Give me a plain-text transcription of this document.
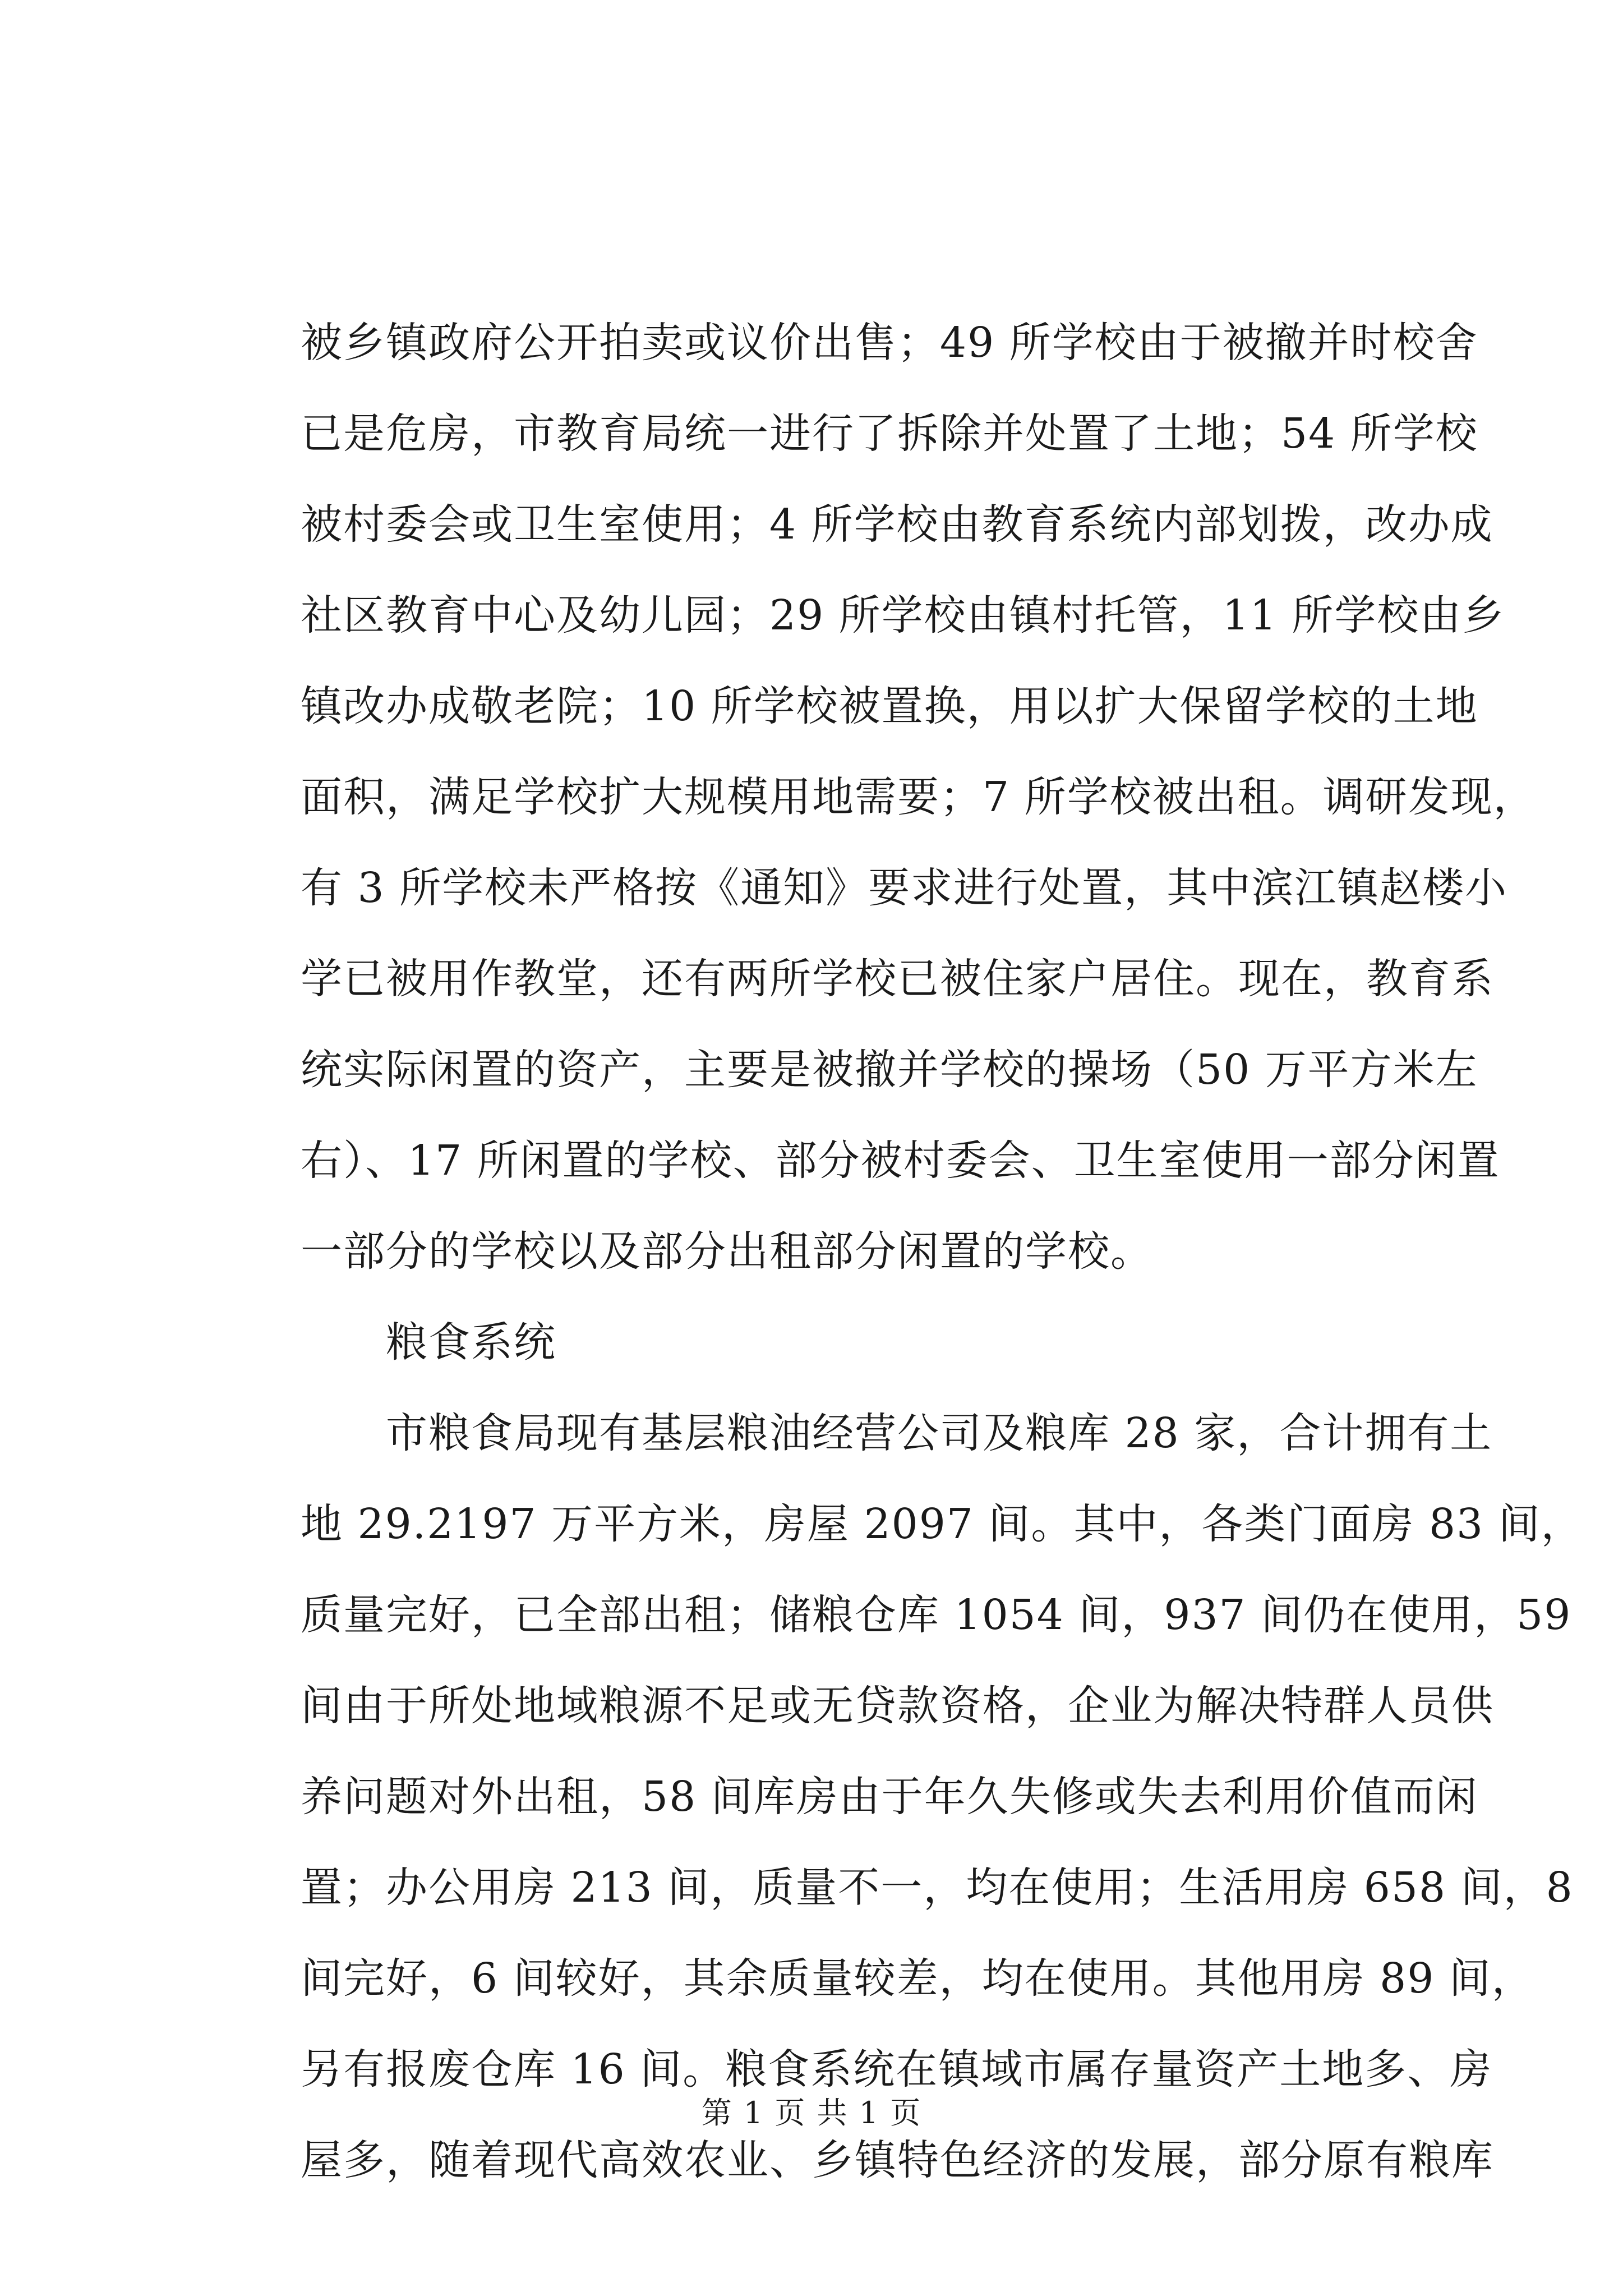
被乡镇政府公开拍卖或议价出售；49 所学校由于被撤并时校舍
已是危房，市教育局统一进行了拆除并处置了土地；54 所学校
被村委会或卫生室使用；4 所学校由教育系统内部划拨，改办成
社区教育中心及幼儿园；29 所学校由镇村托管，11 所学校由乡
镇改办成敬老院；10 所学校被置换，用以扩大保留学校的土地
面积，满足学校扩大规模用地需要；7 所学校被出租。调研发现，
有 3 所学校未严格按《通知》要求进行处置，其中滨江镇赵楼小
学已被用作教堂，还有两所学校已被住家户居住。现在，教育系
统实际闲置的资产，主要是被撤并学校的操场（50 万平方米左
右）、17 所闲置的学校、部分被村委会、卫生室使用一部分闲置
一部分的学校以及部分出租部分闲置的学校。
　　粮食系统
　　市粮食局现有基层粮油经营公司及粮库 28 家，合计拥有土
地 29.2197 万平方米，房屋 2097 间。其中，各类门面房 83 间，
质量完好，已全部出租；储粮仓库 1054 间，937 间仍在使用，59
间由于所处地域粮源不足或无贷款资格，企业为解决特群人员供
养问题对外出租，58 间库房由于年久失修或失去利用价值而闲
置；办公用房 213 间，质量不一，均在使用；生活用房 658 间，8
间完好，6 间较好，其余质量较差，均在使用。其他用房 89 间，
另有报废仓库 16 间。粮食系统在镇域市属存量资产土地多、房
屋多，随着现代高效农业、乡镇特色经济的发展，部分原有粮库
第 1 页 共 1 页
